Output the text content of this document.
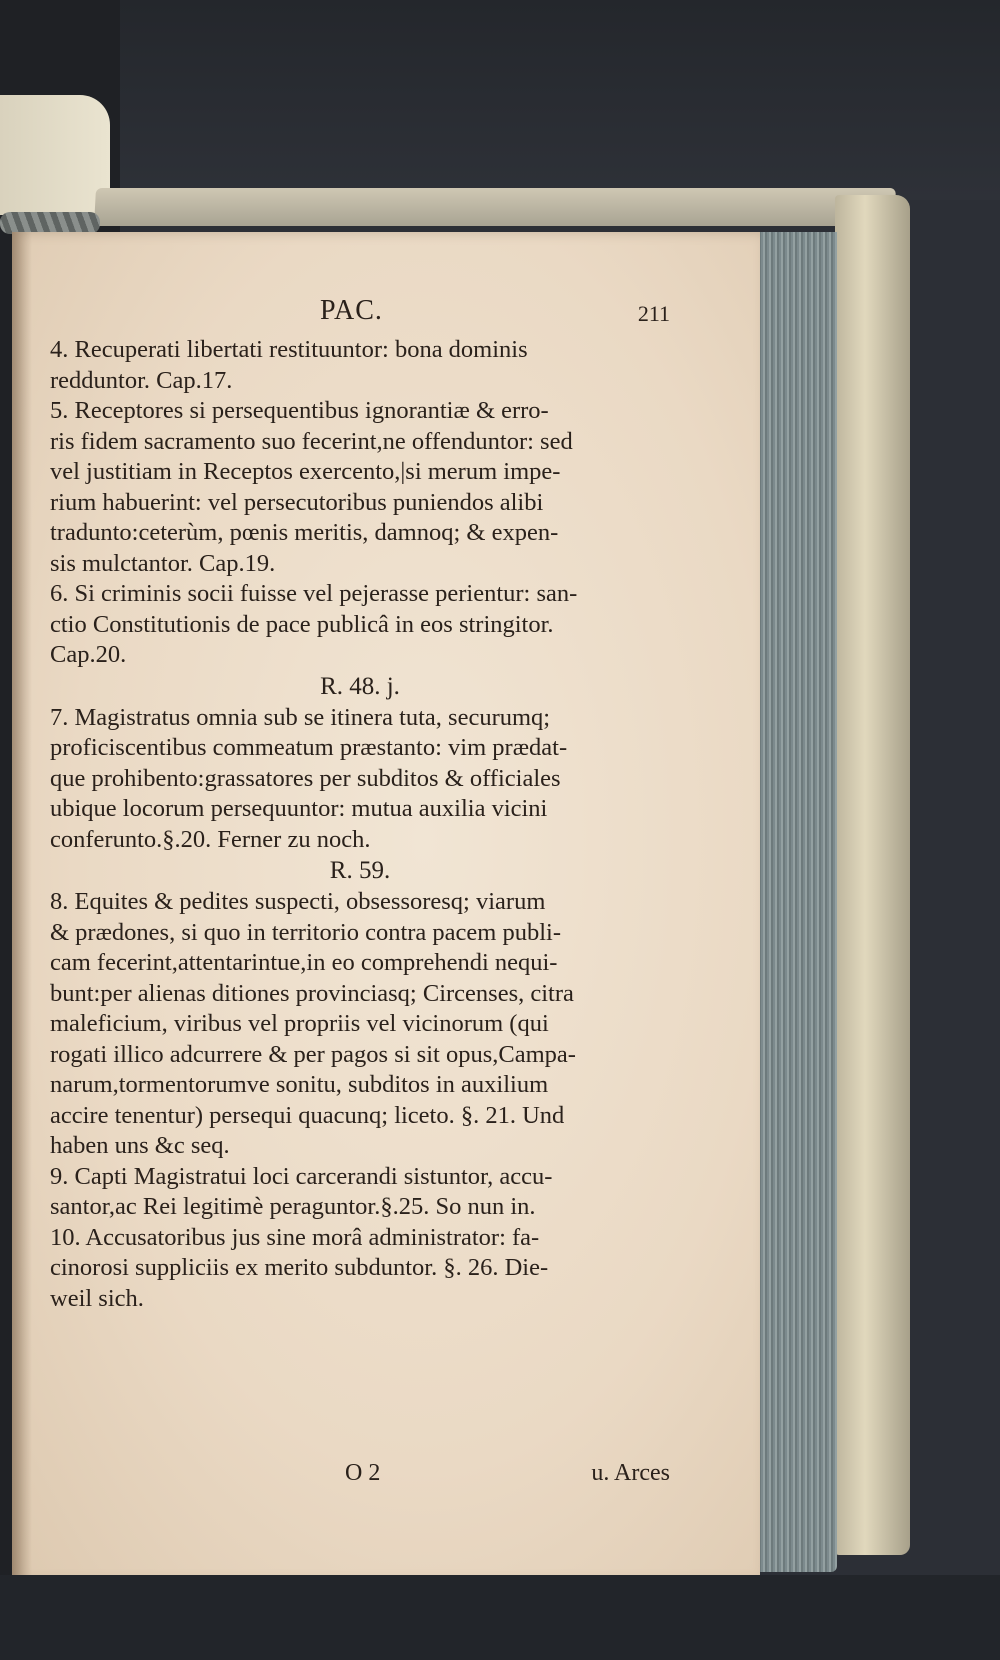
PAC.	211
4. Recuperati libertati restituuntor: bona dominis
redduntor. Cap.17.
5. Receptores si persequentibus ignorantiæ & erro-
ris fidem sacramento suo fecerint,ne offenduntor: sed
vel justitiam in Receptos exercento,|si merum impe-
rium habuerint: vel persecutoribus puniendos alibi
tradunto:ceterùm, pœnis meritis, damnoq; & expen-
sis mulctantor. Cap.19.
6. Si criminis socii fuisse vel pejerasse perientur: san-
ctio Constitutionis de pace publicâ in eos stringitor.
Cap.20.
R. 48. j.
7. Magistratus omnia sub se itinera tuta, securumq;
proficiscentibus commeatum præstanto: vim prædat-
que prohibento:grassatores per subditos & officiales
ubique locorum persequuntor: mutua auxilia vicini
conferunto.§.20. Ferner zu noch.
R. 59.
8. Equites & pedites suspecti, obsessoresq; viarum
& prædones, si quo in territorio contra pacem publi-
cam fecerint,attentarintue,in eo comprehendi nequi-
bunt:per alienas ditiones provinciasq; Circenses, citra
maleficium, viribus vel propriis vel vicinorum (qui
rogati illico adcurrere & per pagos si sit opus,Campa-
narum,tormentorumve sonitu, subditos in auxilium
accire tenentur) persequi quacunq; liceto. §. 21. Und
haben uns &c seq.
9. Capti Magistratui loci carcerandi sistuntor, accu-
santor,ac Rei legitimè peraguntor.§.25. So nun in.
10. Accusatoribus jus sine morâ administrator: fa-
cinorosi suppliciis ex merito subduntor. §. 26. Die-
weil sich.
O 2	u. Arces
